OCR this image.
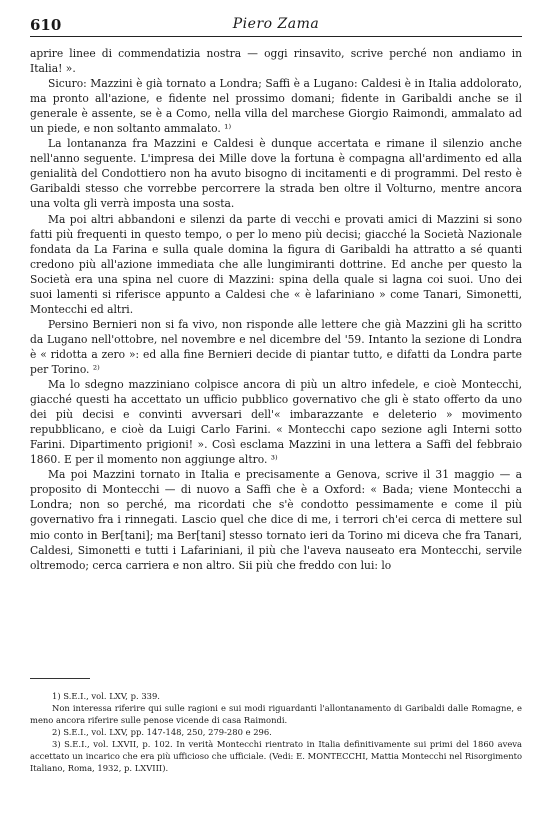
610	Piero Zama

aprire linee di commendatizia nostra — oggi rinsavito, scrive perché non andiamo in Italia! ».

Sicuro: Mazzini è già tornato a Londra; Saffi è a Lugano: Caldesi è in Italia addolorato, ma pronto all'azione, e fidente nel prossimo domani; fidente in Garibaldi anche se il generale è assente, se è a Como, nella villa del marchese Giorgio Raimondi, ammalato ad un piede, e non soltanto ammalato. ¹⁾

La lontananza fra Mazzini e Caldesi è dunque accertata e rimane il silenzio anche nell'anno seguente. L'impresa dei Mille dove la fortuna è compagna all'ardimento ed alla genialità del Condottiero non ha avuto bisogno di incitamenti e di programmi. Del resto è Garibaldi stesso che vorrebbe percorrere la strada ben oltre il Volturno, mentre ancora una volta gli verrà imposta una sosta.

Ma poi altri abbandoni e silenzi da parte di vecchi e provati amici di Mazzini si sono fatti più frequenti in questo tempo, o per lo meno più decisi; giacché la Società Nazionale fondata da La Farina e sulla quale domina la figura di Garibaldi ha attratto a sé quanti credono più all'azione immediata che alle lungimiranti dottrine. Ed anche per questo la Società era una spina nel cuore di Mazzini: spina della quale si lagna coi suoi. Uno dei suoi lamenti si riferisce appunto a Caldesi che « è lafariniano » come Tanari, Simonetti, Montecchi ed altri.

Persino Bernieri non si fa vivo, non risponde alle lettere che già Mazzini gli ha scritto da Lugano nell'ottobre, nel novembre e nel dicembre del '59. Intanto la sezione di Londra è « ridotta a zero »: ed alla fine Bernieri decide di piantar tutto, e difatti da Londra parte per Torino. ²⁾

Ma lo sdegno mazziniano colpisce ancora di più un altro infedele, e cioè Montecchi, giacché questi ha accettato un ufficio pubblico governativo che gli è stato offerto da uno dei più decisi e convinti avversari dell'« imbarazzante e deleterio » movimento repubblicano, e cioè da Luigi Carlo Farini. « Montecchi capo sezione agli Interni sotto Farini. Dipartimento prigioni! ». Così esclama Mazzini in una lettera a Saffi del febbraio 1860. E per il momento non aggiunge altro. ³⁾

Ma poi Mazzini tornato in Italia e precisamente a Genova, scrive il 31 maggio — a proposito di Montecchi — di nuovo a Saffi che è a Oxford: « Bada; viene Montecchi a Londra; non so perché, ma ricordati che s'è condotto pessimamente e come il più governativo fra i rinnegati. Lascio quel che dice di me, i terrori ch'ei cerca di mettere sul mio conto in Ber[tani]; ma Ber[tani] stesso tornato ieri da Torino mi diceva che fra Tanari, Caldesi, Simonetti e tutti i Lafariniani, il più che l'aveva nauseato era Montecchi, servile oltremodo; cerca carriera e non altro. Sii più che freddo con lui: lo

1) S.E.I., vol. LXV, p. 339.

Non interessa riferire qui sulle ragioni e sui modi riguardanti l'allontanamento di Garibaldi dalle Romagne, e meno ancora riferire sulle penose vicende di casa Raimondi.

2) S.E.I., vol. LXV, pp. 147-148, 250, 279-280 e 296.

3) S.E.I., vol. LXVII, p. 102. In verità Montecchi rientrato in Italia definitivamente sui primi del 1860 aveva accettato un incarico che era più ufficioso che ufficiale. (Vedi: E. MONTECCHI, Mattia Montecchi nel Risorgimento Italiano, Roma, 1932, p. LXVIII).
